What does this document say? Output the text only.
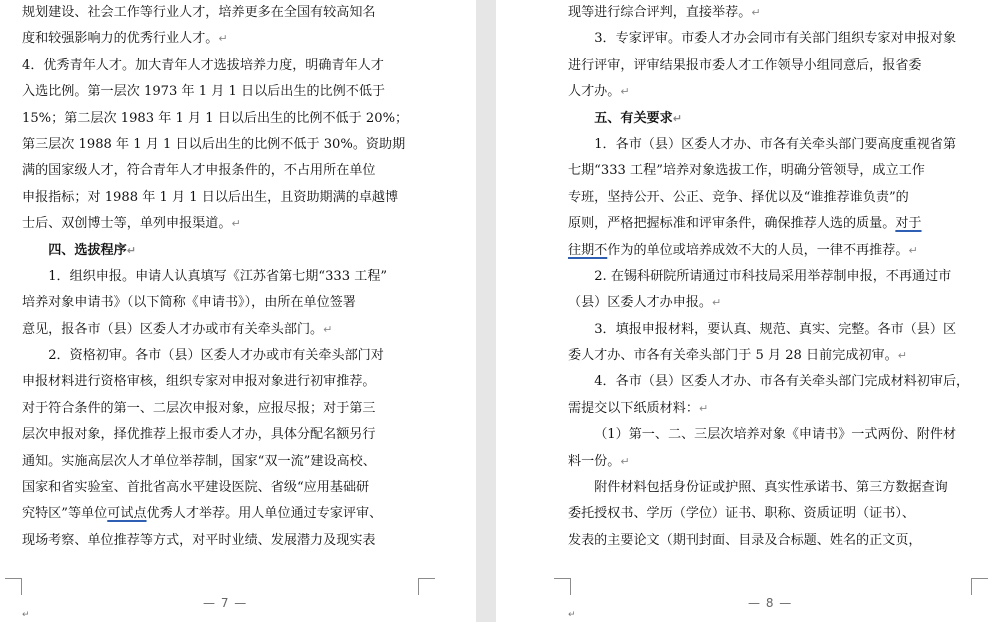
规划建设、社会工作等行业人才，培养更多在全国有较高知名
度和较强影响力的优秀行业人才。↵
4．优秀青年人才。加大青年人才选拔培养力度，明确青年人才
入选比例。第一层次 1973 年 1 月 1 日以后出生的比例不低于
15%；第二层次 1983 年 1 月 1 日以后出生的比例不低于 20%；
第三层次 1988 年 1 月 1 日以后出生的比例不低于 30%。资助期
满的国家级人才，符合青年人才申报条件的，不占用所在单位
申报指标；对 1988 年 1 月 1 日以后出生，且资助期满的卓越博
士后、双创博士等，单列申报渠道。↵
四、选拔程序↵
1．组织申报。申请人认真填写《江苏省第七期“333 工程”
培养对象申请书》（以下简称《申请书》），由所在单位签署
意见，报各市（县）区委人才办或市有关牵头部门。↵
2．资格初审。各市（县）区委人才办或市有关牵头部门对
申报材料进行资格审核，组织专家对申报对象进行初审推荐。
对于符合条件的第一、二层次申报对象，应报尽报；对于第三
层次申报对象，择优推荐上报市委人才办，具体分配名额另行
通知。实施高层次人才单位举荐制，国家“双一流”建设高校、
国家和省实验室、首批省高水平建设医院、省级“应用基础研
究特区”等单位可试点优秀人才举荐。用人单位通过专家评审、
现场考察、单位推荐等方式，对平时业绩、发展潜力及现实表
— 7 —
↵
现等进行综合评判，直接举荐。↵
3．专家评审。市委人才办会同市有关部门组织专家对申报对象
进行评审，评审结果报市委人才工作领导小组同意后，报省委
人才办。↵
五、有关要求↵
1．各市（县）区委人才办、市各有关牵头部门要高度重视省第
七期“333 工程”培养对象选拔工作，明确分管领导，成立工作
专班，坚持公开、公正、竞争、择优以及“谁推荐谁负责”的
原则，严格把握标准和评审条件，确保推荐人选的质量。对于
往期不作为的单位或培养成效不大的人员，一律不再推荐。↵
2. 在锡科研院所请通过市科技局采用举荐制申报，不再通过市
（县）区委人才办申报。↵
3．填报申报材料，要认真、规范、真实、完整。各市（县）区
委人才办、市各有关牵头部门于 5 月 28 日前完成初审。↵
4．各市（县）区委人才办、市各有关牵头部门完成材料初审后，
需提交以下纸质材料：↵
（1）第一、二、三层次培养对象《申请书》一式两份、附件材
料一份。↵
附件材料包括身份证或护照、真实性承诺书、第三方数据查询
委托授权书、学历（学位）证书、职称、资质证明（证书）、
发表的主要论文（期刊封面、目录及合标题、姓名的正文页，
— 8 —
↵
